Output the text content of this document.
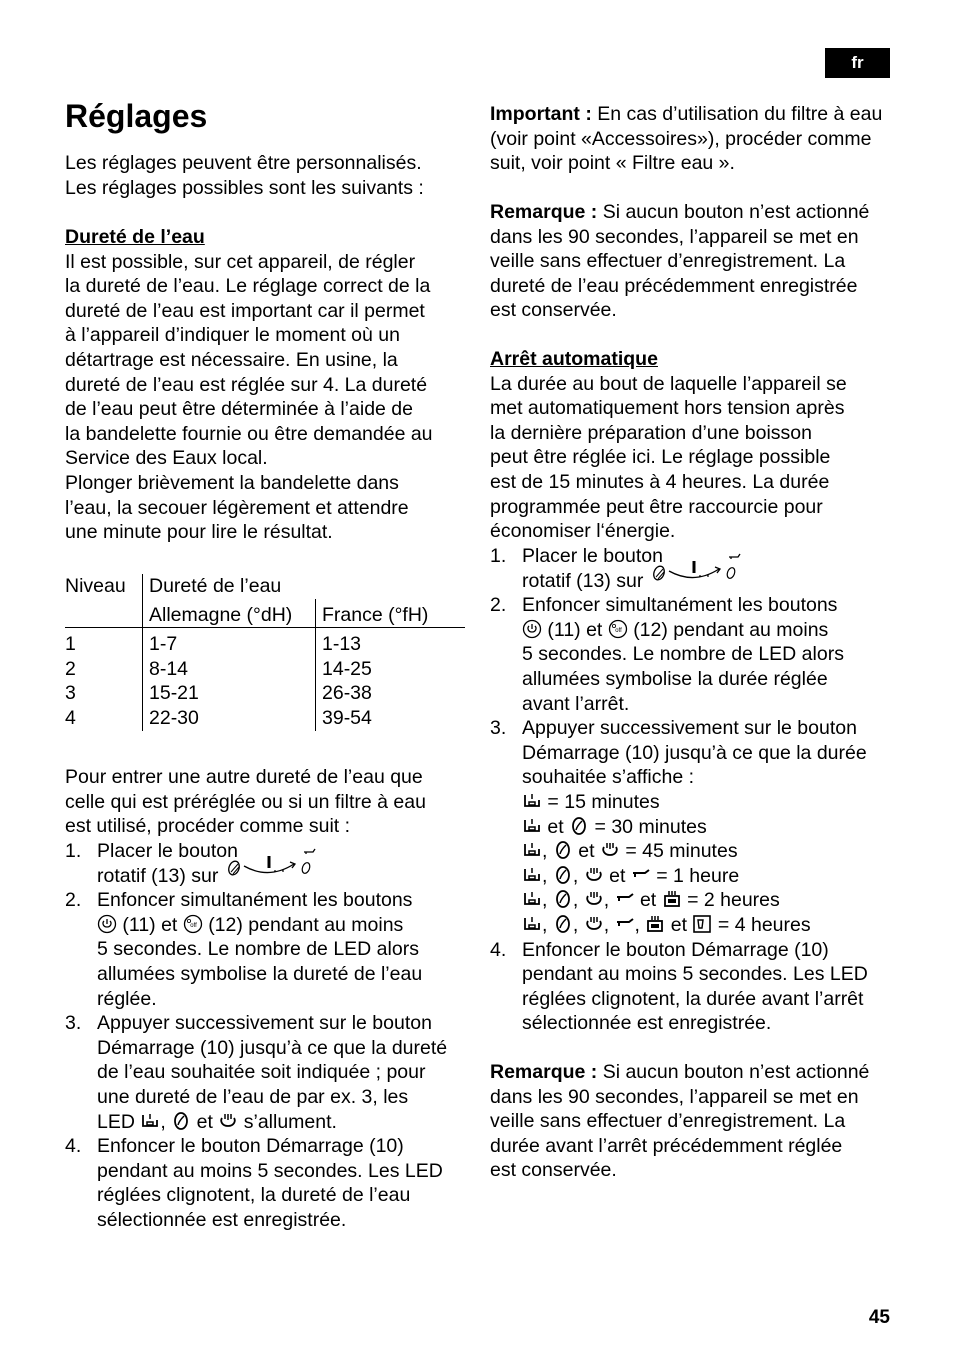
fr
Réglages

Les réglages peuvent être personnalisés.

Les réglages possibles sont les suivants :

Dureté de l’eau

Il est possible, sur cet appareil, de régler

la dureté de l’eau. Le réglage correct de la

dureté de l’eau est important car il permet

à l’appareil d’indiquer le moment où un

détartrage est nécessaire. En usine, la

dureté de l’eau est réglée sur 4. La dureté

de l’eau peut être déterminée à l’aide de

la bandelette fournie ou être demandée au

Service des Eaux local.

Plonger brièvement la bandelette dans

l’eau, la secouer légèrement et attendre

une minute pour lire le résultat.

Niveau	Dureté de l’eau	
	Allemagne (°dH)	France (°fH)
1	1-7	1-13
2	8-14	14-25
3	15-21	26-38
4	22-30	39-54

Pour entrer une autre dureté de l’eau que

celle qui est préréglée ou si un filtre à eau

est utilisé, procéder comme suit :

1. Placer le bouton
rotatif (13) sur
2. Enfoncer simultanément les boutons
(11) et (12) pendant au moins
5 secondes. Le nombre de LED alors
allumées symbolise la dureté de l’eau
réglée.
3. Appuyer successivement sur le bouton
Démarrage (10) jusqu’à ce que la dureté
de l’eau souhaitée soit indiquée ; pour
une dureté de l’eau de par ex. 3, les
LED ,
et s’allument.
4. Enfoncer le bouton Démarrage (10)
pendant au moins 5 secondes. Les LED
réglées clignotent, la dureté de l’eau
sélectionnée est enregistrée.

Important : En cas d’utilisation du filtre à eau

(voir point «Accessoires»), procéder comme

suit, voir point « Filtre eau ».

Remarque : Si aucun bouton n’est actionné

dans les 90 secondes, l’appareil se met en

veille sans effectuer d’enregistrement. La

dureté de l’eau précédemment enregistrée

est conservée.

Arrêt automatique

La durée au bout de laquelle l’appareil se

met automatiquement hors tension après

la dernière préparation d’une boisson

peut être réglée ici. Le réglage possible

est de 15 minutes à 4 heures. La durée

programmée peut être raccourcie pour

économiser l‘énergie.

1. Placer le bouton
rotatif (13) sur
2. Enfoncer simultanément les boutons
(11) et (12) pendant au moins
5 secondes. Le nombre de LED alors
allumées symbolise la durée réglée
avant l’arrêt.
3. Appuyer successivement sur le bouton
Démarrage (10) jusqu’à ce que la durée
souhaitée s’affiche :
= 15 minutes
et = 30 minutes
,
et = 45 minutes
,
,
et = 1 heure
,
,
,
et = 2 heures
,
,
,
,
et = 4 heures
4. Enfoncer le bouton Démarrage (10)
pendant au moins 5 secondes. Les LED
réglées clignotent, la durée avant l’arrêt
sélectionnée est enregistrée.

Remarque : Si aucun bouton n’est actionné

dans les 90 secondes, l’appareil se met en

veille sans effectuer d’enregistrement. La

durée avant l’arrêt précédemment réglée

est conservée.

45
